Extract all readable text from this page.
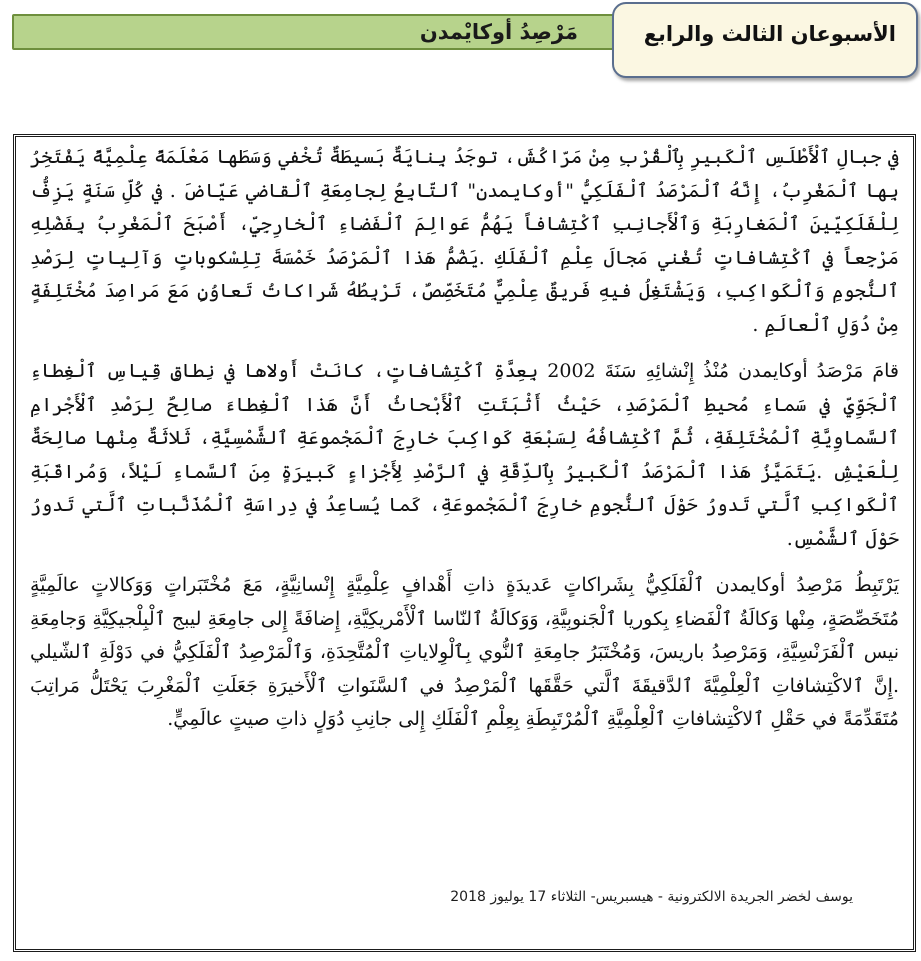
مَرْصِدُ أوكايْمدن	الأسبوعان الثالث والرابع

في جبالِ ٱلْأَطْلَسِ ٱلْكَبيرِ بِٱلْقُرْبِ مِنْ مَرّاكُشَ، توجَدُ بِنايَةٌ بَسيطَةٌ تُخْفي وَسَطَها مَعْلَمَةً عِلْمِيَّةً يَفْتَخِرُ بِها ٱلْمَغْرِبُ، إِنَّهُ ٱلْمَرْصَدُ ٱلْفَلَكِيُّ "أوكايمدن" ٱلتّابِعُ لِجامِعَةِ ٱلْقاضي عَيّاضَ . في كُلِّ سَنَةٍ يَزِفُّ لِلْفَلَكِيّينَ ٱلْمَغارِبَةِ وَٱلْأَجانِبِ ٱكْتِشافاً يَهُمُّ عَوالِمَ ٱلْفَضاءِ ٱلْخارِجِيِّ، أَصْبَحَ ٱلْمَغْرِبُ بِفَضْلِهِ مَرْجِعاً في ٱكْتِشافاتٍ تُغْني مَجالَ عِلْمِ ٱلْفَلَكِ .يَضُمُّ هَذا ٱلْمَرْصَدُ خَمْسَةَ تِلِسْكوباتٍ وَآلِياتٍ لِرَصْدِ ٱلنُّجومِ وَٱلْكَواكِبِ، وَيَشْتَغِلُ فيهِ فَريقٌ عِلْمِيٌّ مُتَخَصِّصٌ، تَرْبِطُهُ شَراكاتُ تَعاوُنٍ مَعَ مَراصِدَ مُخْتَلِفَةٍ مِنْ دُوَلِ ٱلْعالَمِ .

قامَ مَرْصَدُ أوكايمدن مُنْذُ إِنْشائِهِ سَنَةَ 2002 بِعِدَّةِ ٱكْتِشافاتٍ، كانَتْ أَولاها في نِطاقِ قِياسِ ٱلْغِطاءِ ٱلْجَوِّيِّ في سَماءِ مُحيطِ ٱلْمَرْصَدِ، حَيْثُ أَثْبَتَتِ ٱلْأَبْحاثُ أَنَّ هَذا ٱلْغِطاءَ صالِحٌ لِرَصْدِ ٱلْأَجْرامِ ٱلسَّماوِيَّةِ ٱلْمُخْتَلِفَةِ، ثُمَّ ٱكْتِشافُهُ لِسَبْعَةِ كَواكِبَ خارِجَ ٱلْمَجْموعَةِ ٱلشَّمْسِيَّةِ، ثَلاثَةٌ مِنْها صالِحَةٌ لِلْعَيْشِ .يَتَمَيَّزُ هَذا ٱلْمَرْصَدُ ٱلْكَبيرُ بِٱلدِّقَّةِ في ٱلرَّصْدِ لِأَجْزاءٍ كَبيرَةٍ مِنَ ٱلسَّماءِ لَيْلاً، وَمُراقَبَةِ ٱلْكَواكِبِ ٱلَّتي تَدورُ حَوْلَ ٱلنُّجومِ خارِجَ ٱلْمَجْموعَةِ، كَما يُساعِدُ في دِراسَةِ ٱلْمُذَنَّباتِ ٱلَّتي تَدورُ حَوْلَ ٱلشَّمْسِ.

يَرْتَبِطُ مَرْصِدُ أوكايمدن ٱلْفَلَكِيُّ بِشَراكاتٍ عَديدَةٍ ذاتِ أَهْدافٍ عِلْمِيَّةٍ إِنْسانِيَّةٍ، مَعَ مُخْتَبَراتٍ وَوَكالاتٍ عالَمِيَّةٍ مُتَخَصِّصَةٍ، مِنْها وَكالَةُ ٱلْفَضاءِ بِكوريا ٱلْجَنوبِيَّةِ، وَوَكالَةُ ٱلنّاسا ٱلْأَمْريكِيَّةِ، إِضافَةً إِلى جامِعَةِ ليبج ٱلْبِلْجيكِيَّةِ وَجامِعَةِ نيس ٱلْفَرَنْسِيَّةِ، وَمَرْصِدُ باريسَ، وَمُخْتَبَرُ جامِعَةِ ٱلنُّوي بِٱلْوِلاياتِ ٱلْمُتَّحِدَةِ، وَٱلْمَرْصِدُ ٱلْفَلَكِيُّ في دَوْلَةِ ٱلشّيلي .إِنَّ ٱلاكْتِشافاتِ ٱلْعِلْمِيَّةَ ٱلدَّقيقَةَ ٱلَّتي حَقَّقَها ٱلْمَرْصِدُ في ٱلسَّنَواتِ ٱلْأَخيرَةِ جَعَلَتِ ٱلْمَغْرِبَ يَحْتَلُّ مَراتِبَ مُتَقَدِّمَةً في حَقْلِ ٱلاكْتِشافاتِ ٱلْعِلْمِيَّةِ ٱلْمُرْتَبِطَةِ بِعِلْمِ ٱلْفَلَكِ إِلى جانِبِ دُوَلٍ ذاتِ صيتٍ عالَمِيٍّ.

يوسف لخضر الجريدة الالكترونية - هيسبريس- الثلاثاء 17 يوليوز 2018
